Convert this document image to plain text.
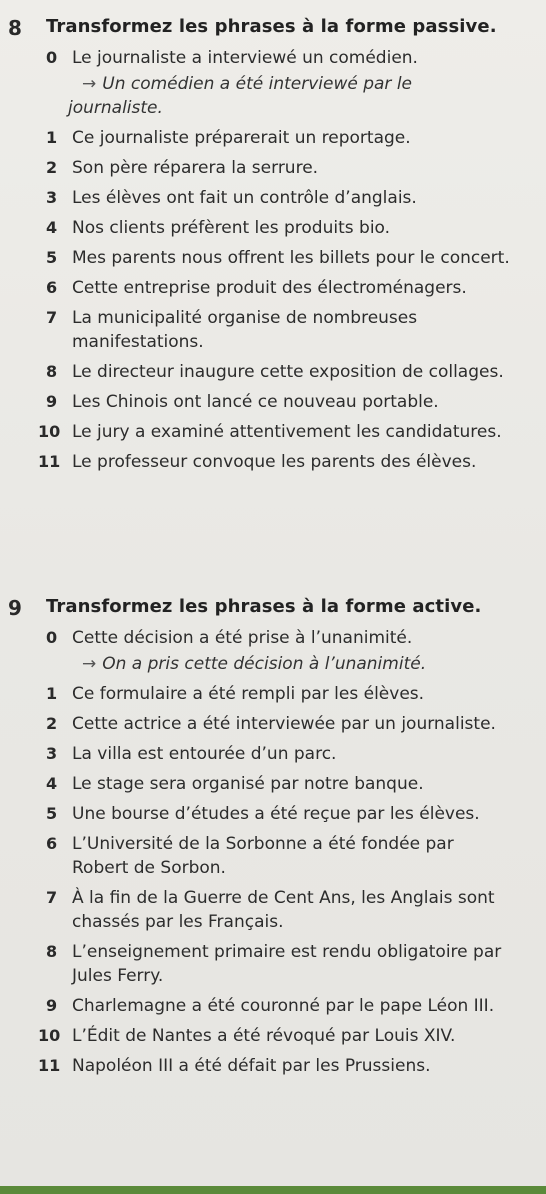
8 Transformez les phrases à la forme passive.
0 Le journaliste a interviewé un comédien.
→ Un comédien a été interviewé par le
journaliste.
1 Ce journaliste préparerait un reportage.
2 Son père réparera la serrure.
3 Les élèves ont fait un contrôle d’anglais.
4 Nos clients préfèrent les produits bio.
5 Mes parents nous offrent les billets pour le concert.
6 Cette entreprise produit des électroménagers.
7 La municipalité organise de nombreuses manifestations.
8 Le directeur inaugure cette exposition de collages.
9 Les Chinois ont lancé ce nouveau portable.
10 Le jury a examiné attentivement les candidatures.
11 Le professeur convoque les parents des élèves.
9 Transformez les phrases à la forme active.
0 Cette décision a été prise à l’unanimité.
→ On a pris cette décision à l’unanimité.
1 Ce formulaire a été rempli par les élèves.
2 Cette actrice a été interviewée par un journaliste.
3 La villa est entourée d’un parc.
4 Le stage sera organisé par notre banque.
5 Une bourse d’études a été reçue par les élèves.
6 L’Université de la Sorbonne a été fondée par Robert de Sorbon.
7 À la fin de la Guerre de Cent Ans, les Anglais sont chassés par les Français.
8 L’enseignement primaire est rendu obligatoire par Jules Ferry.
9 Charlemagne a été couronné par le pape Léon III.
10 L’Édit de Nantes a été révoqué par Louis XIV.
11 Napoléon III a été défait par les Prussiens.
